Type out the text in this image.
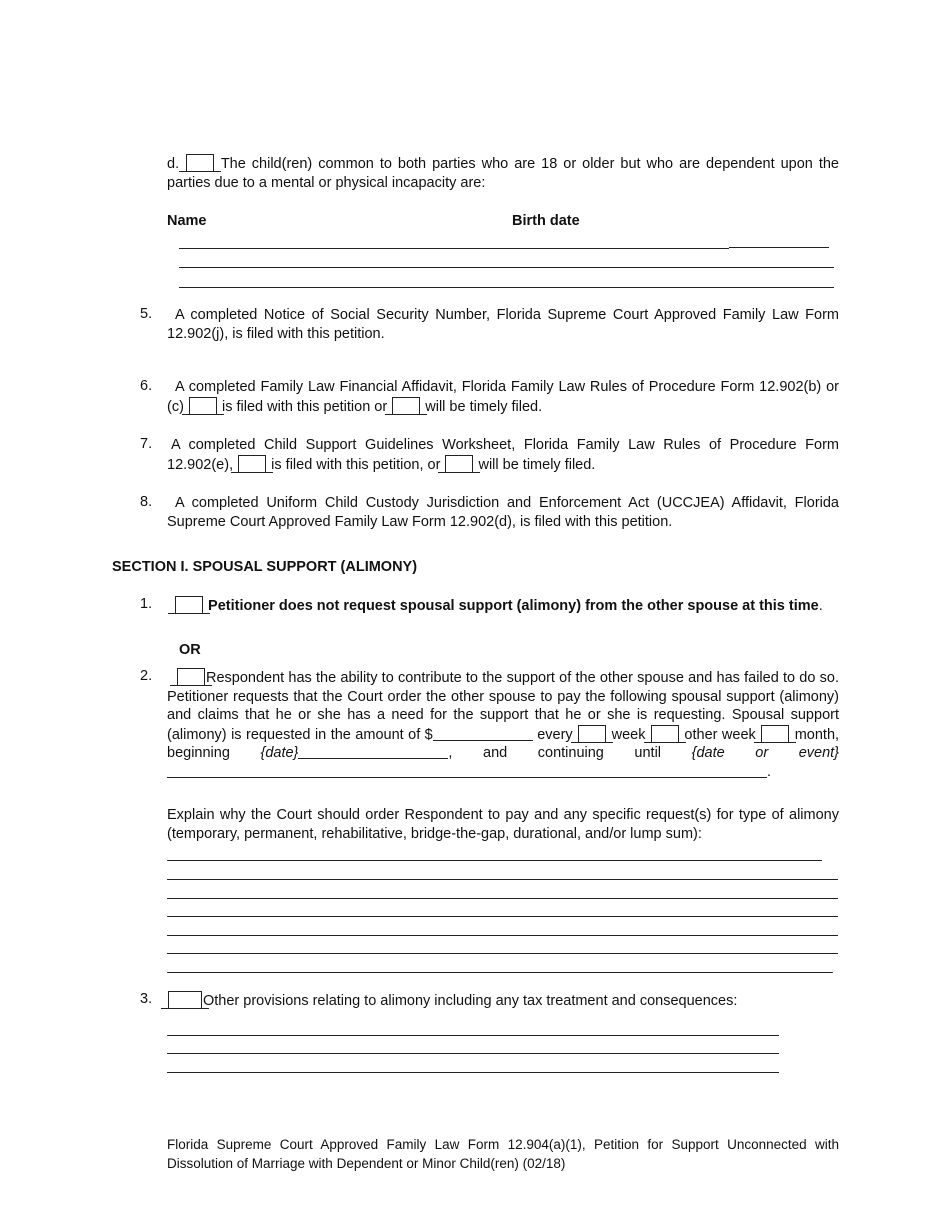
d.	The child(ren) common to both parties who are 18 or older but who are dependent upon the parties due to a mental or physical incapacity are:
Name	Birth date
5.	A completed Notice of Social Security Number, Florida Supreme Court Approved Family Law Form 12.902(j), is filed with this petition.
6.	A completed Family Law Financial Affidavit, Florida Family Law Rules of Procedure Form 12.902(b) or (c)	is filed with this petition or	will be timely filed.
7. A completed Child Support Guidelines Worksheet, Florida Family Law Rules of Procedure Form 12.902(e),	is filed with this petition, or	will be timely filed.
8.	A completed Uniform Child Custody Jurisdiction and Enforcement Act (UCCJEA) Affidavit, Florida Supreme Court Approved Family Law Form 12.902(d), is filed with this petition.
SECTION I. SPOUSAL SUPPORT (ALIMONY)
1.	Petitioner does not request spousal support (alimony) from the other spouse at this time.
OR
2.	Respondent has the ability to contribute to the support of the other spouse and has failed to do so. Petitioner requests that the Court order the other spouse to pay the following spousal support (alimony) and claims that he or she has a need for the support that he or she is requesting. Spousal support (alimony) is requested in the amount of $	every	week	other week	month, beginning {date}	, and continuing until {date or event}.
Explain why the Court should order Respondent to pay and any specific request(s) for type of alimony (temporary, permanent, rehabilitative, bridge-the-gap, durational, and/or lump sum):
3.	Other provisions relating to alimony including any tax treatment and consequences:
Florida Supreme Court Approved Family Law Form 12.904(a)(1), Petition for Support Unconnected with Dissolution of Marriage with Dependent or Minor Child(ren) (02/18)
